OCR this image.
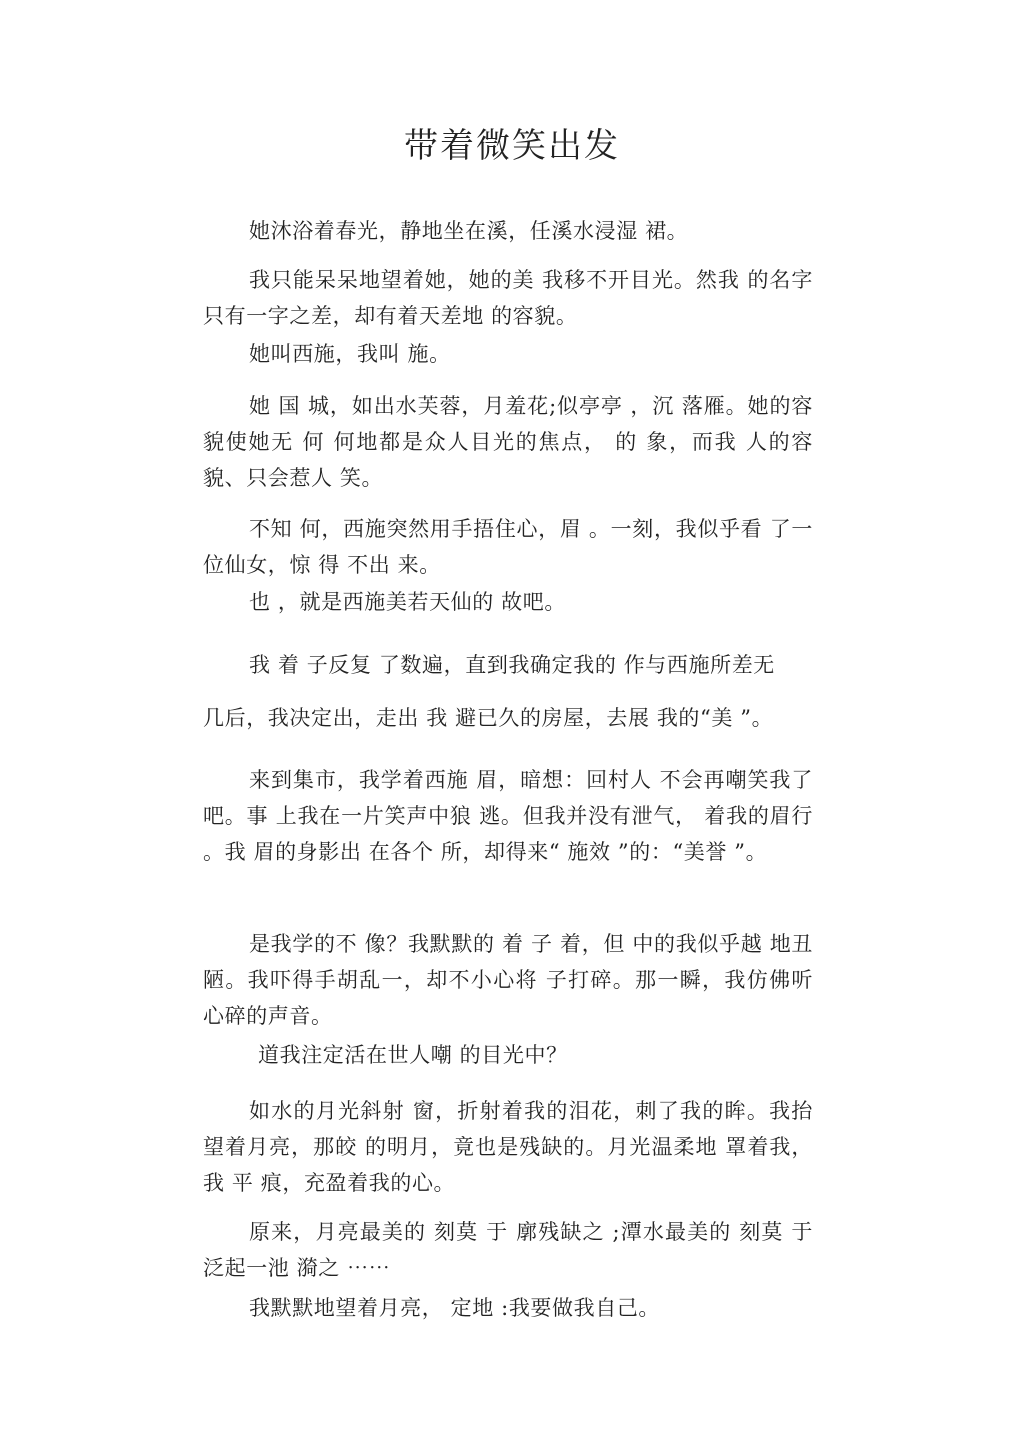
带着微笑出发

她沐浴着春光，静地坐在溪，任溪水浸湿 裙。

我只能呆呆地望着她，她的美 我移不开目光。然我 的名字只有一字之差，却有着天差地 的容貌。

她叫西施，我叫 施。

她 国 城，如出水芙蓉，月羞花;似亭亭 ，沉 落雁。她的容貌使她无 何 何地都是众人目光的焦点， 的 象，而我 人的容貌、只会惹人 笑。

不知 何，西施突然用手捂住心，眉 。一刻，我似乎看 了一位仙女，惊 得 不出 来。

也 ，就是西施美若天仙的 故吧。

我 着 子反复 了数遍，直到我确定我的 作与西施所差无

几后，我决定出，走出 我 避已久的房屋，去展 我的“美 ”。

来到集市，我学着西施 眉，暗想：回村人 不会再嘲笑我了吧。事 上我在一片笑声中狼 逃。但我并没有泄气， 着我的眉行 。我 眉的身影出 在各个 所，却得来“ 施效 ”的：“美誉 ”。

是我学的不 像？我默默的 着 子 着，但 中的我似乎越 地丑陋。我吓得手胡乱一，却不小心将 子打碎。那一瞬，我仿佛听 心碎的声音。

道我注定活在世人嘲 的目光中？

如水的月光斜射 窗，折射着我的泪花，刺了我的眸。我抬望着月亮，那皎 的明月，竟也是残缺的。月光温柔地 罩着我，我 平 痕，充盈着我的心。

原来，月亮最美的 刻莫 于 廓残缺之 ;潭水最美的 刻莫 于泛起一池 漪之 ⋯⋯

我默默地望着月亮， 定地 :我要做我自己。
